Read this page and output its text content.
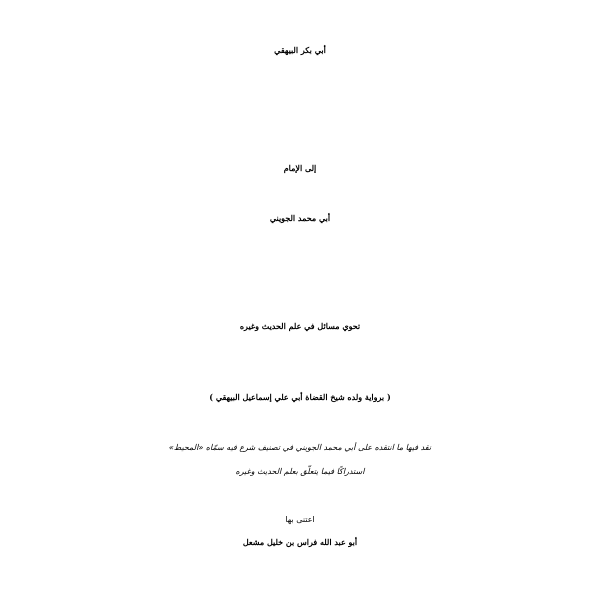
أبي بكر البيهقي
إلى الإمام
أبي محمد الجويني
تحوي مسائل في علم الحديث وغيره
( برواية ولده شيخ القضاة أبي علي إسماعيل البيهقي )
نقد فيها ما انتقده على أبي محمد الجويني في تصنيف شرع فيه سمّاه «المحيط»
استدراكًا فيما يتعلّق بعلم الحديث وغيره
اعتنى بها
أبو عبد الله فراس بن خليل مشعل
